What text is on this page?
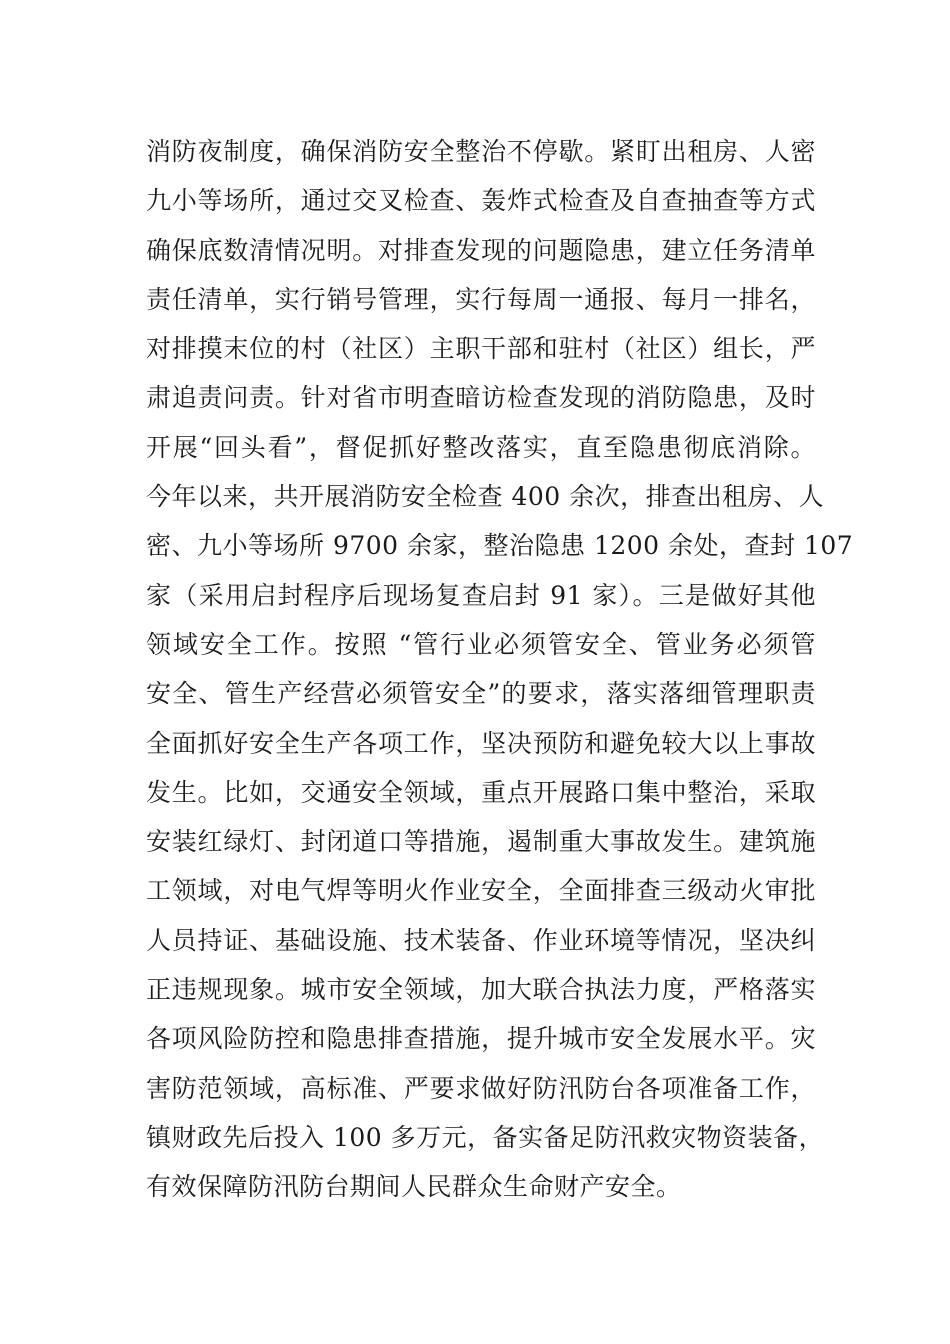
消防夜制度，确保消防安全整治不停歇。紧盯出租房、人密
九小等场所，通过交叉检查、轰炸式检查及自查抽查等方式
确保底数清情况明。对排查发现的问题隐患，建立任务清单
责任清单，实行销号管理，实行每周一通报、每月一排名，
对排摸末位的村（社区）主职干部和驻村（社区）组长，严
肃追责问责。针对省市明查暗访检查发现的消防隐患，及时
开展“回头看”，督促抓好整改落实，直至隐患彻底消除。
今年以来，共开展消防安全检查 400 余次，排查出租房、人
密、九小等场所 9700 余家，整治隐患 1200 余处，查封 107
家（采用启封程序后现场复查启封 91 家）。三是做好其他
领域安全工作。按照 “管行业必须管安全、管业务必须管
安全、管生产经营必须管安全”的要求，落实落细管理职责
全面抓好安全生产各项工作，坚决预防和避免较大以上事故
发生。比如，交通安全领域，重点开展路口集中整治，采取
安装红绿灯、封闭道口等措施，遏制重大事故发生。建筑施
工领域，对电气焊等明火作业安全，全面排查三级动火审批
人员持证、基础设施、技术装备、作业环境等情况，坚决纠
正违规现象。城市安全领域，加大联合执法力度，严格落实
各项风险防控和隐患排查措施，提升城市安全发展水平。灾
害防范领域，高标准、严要求做好防汛防台各项准备工作，
镇财政先后投入 100 多万元，备实备足防汛救灾物资装备，
有效保障防汛防台期间人民群众生命财产安全。
